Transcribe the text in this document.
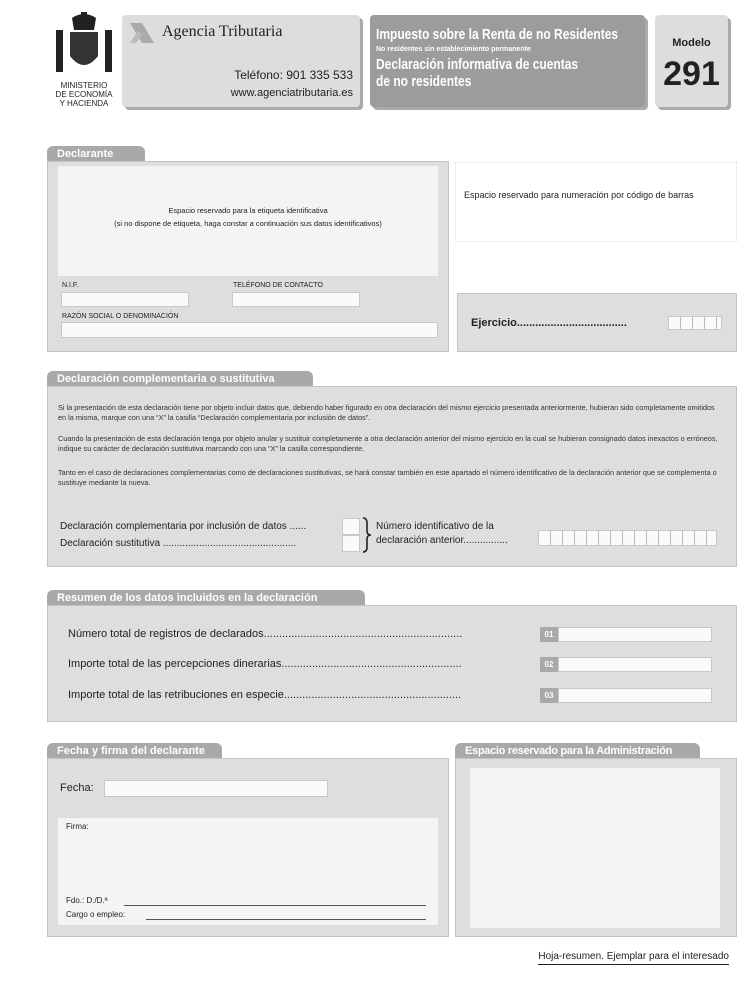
MINISTERIO
DE ECONOMÍA
Y HACIENDA
Agencia Tributaria
Teléfono: 901 335 533
www.agenciatributaria.es
Impuesto sobre la Renta de no Residentes
No residentes sin establecimiento permanente
Declaración informativa de cuentas
de no residentes
Modelo
291
Declarante
Espacio reservado para la etiqueta identificativa
(si no dispone de etiqueta, haga constar a continuación sus datos identificativos)
N.I.F.	TELÉFONO DE CONTACTO
RAZÓN SOCIAL O DENOMINACIÓN
Espacio reservado para numeración por código de barras
Ejercicio....................................
Declaración complementaria o sustitutiva
Si la presentación de esta declaración tiene por objeto incluir datos que, debiendo haber figurado en otra declaración del mismo ejercicio presentada anteriormente, hubieran sido completamente omitidos en la misma, marque con una “X” la casilla “Declaración complementaria por inclusión de datos”.
Cuando la presentación de esta declaración tenga por objeto anular y sustituir completamente a otra declaración anterior del mismo ejercicio en la cual se hubieran consignado datos inexactos o erróneos, indique su carácter de declaración sustitutiva marcando con una “X” la casilla correspondiente.
Tanto en el caso de declaraciones complementarias como de declaraciones sustitutivas, se hará constar también en este apartado el número identificativo de la declaración anterior que se complementa o sustituye mediante la nueva.
Declaración complementaria por inclusión de datos ......
Declaración sustitutiva ................................................
Número identificativo de la
declaración anterior................
Resumen de los datos incluidos en la declaración
Número total de registros de declarados.................................................................	01
Importe total de las percepciones dinerarias...........................................................	02
Importe total de las retribuciones en especie..........................................................	03
Fecha y firma del declarante
Fecha:
Firma:
Fdo.: D./D.ª
Cargo o empleo:
Espacio reservado para la Administración
Hoja-resumen. Ejemplar para el interesado
